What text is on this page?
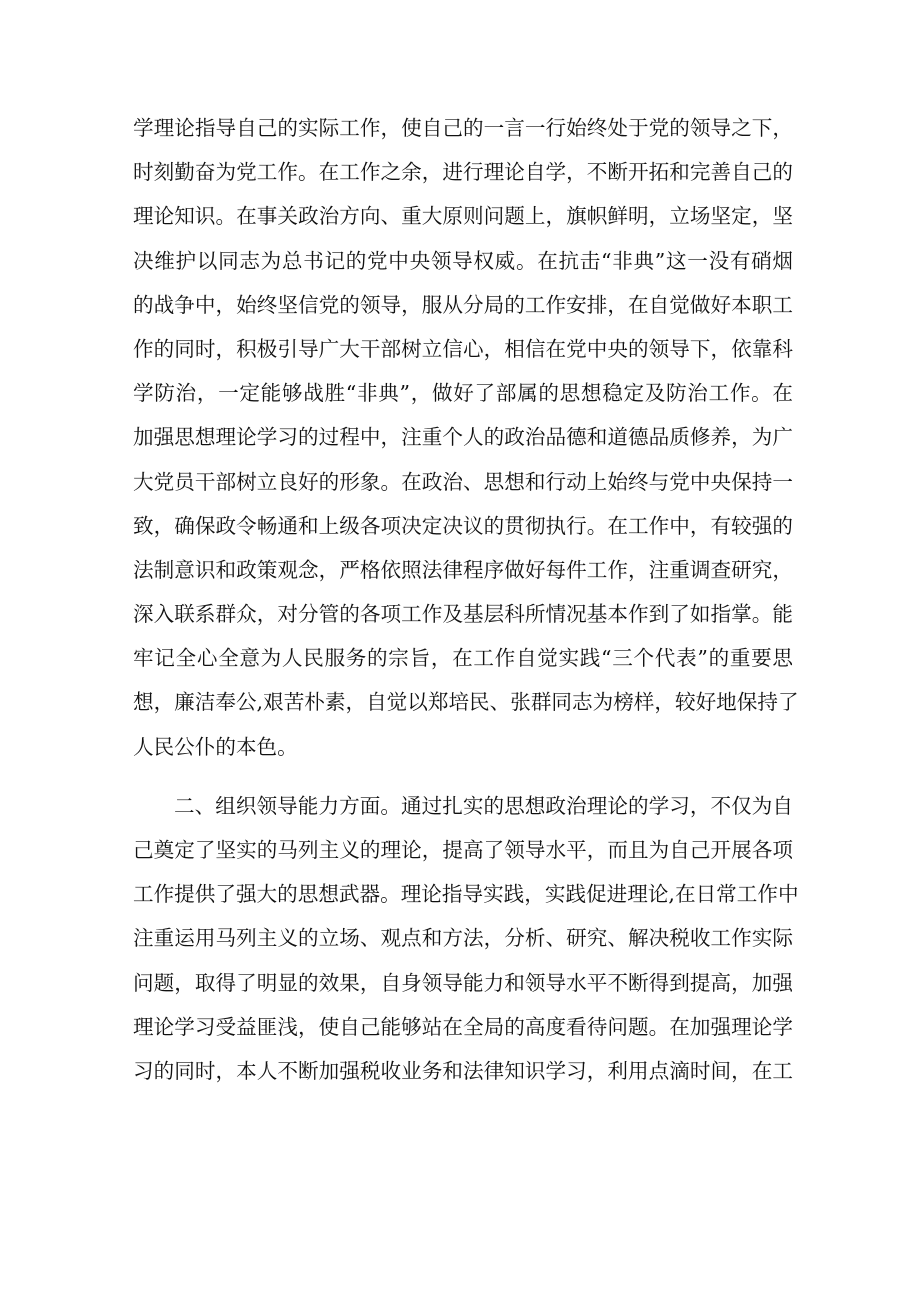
学理论指导自己的实际工作，使自己的一言一行始终处于党的领导之下，
时刻勤奋为党工作。在工作之余，进行理论自学，不断开拓和完善自己的
理论知识。在事关政治方向、重大原则问题上，旗帜鲜明，立场坚定，坚
决维护以同志为总书记的党中央领导权威。在抗击“非典”这一没有硝烟
的战争中，始终坚信党的领导，服从分局的工作安排，在自觉做好本职工
作的同时，积极引导广大干部树立信心，相信在党中央的领导下，依靠科
学防治，一定能够战胜“非典”，做好了部属的思想稳定及防治工作。在
加强思想理论学习的过程中，注重个人的政治品德和道德品质修养，为广
大党员干部树立良好的形象。在政治、思想和行动上始终与党中央保持一
致，确保政令畅通和上级各项决定决议的贯彻执行。在工作中，有较强的
法制意识和政策观念，严格依照法律程序做好每件工作，注重调查研究，
深入联系群众，对分管的各项工作及基层科所情况基本作到了如指掌。能
牢记全心全意为人民服务的宗旨，在工作自觉实践“三个代表”的重要思
想，廉洁奉公,艰苦朴素，自觉以郑培民、张群同志为榜样，较好地保持了
人民公仆的本色。
二、组织领导能力方面。通过扎实的思想政治理论的学习，不仅为自
己奠定了坚实的马列主义的理论，提高了领导水平，而且为自己开展各项
工作提供了强大的思想武器。理论指导实践，实践促进理论,在日常工作中
注重运用马列主义的立场、观点和方法，分析、研究、解决税收工作实际
问题，取得了明显的效果，自身领导能力和领导水平不断得到提高，加强
理论学习受益匪浅，使自己能够站在全局的高度看待问题。在加强理论学
习的同时，本人不断加强税收业务和法律知识学习，利用点滴时间，在工
